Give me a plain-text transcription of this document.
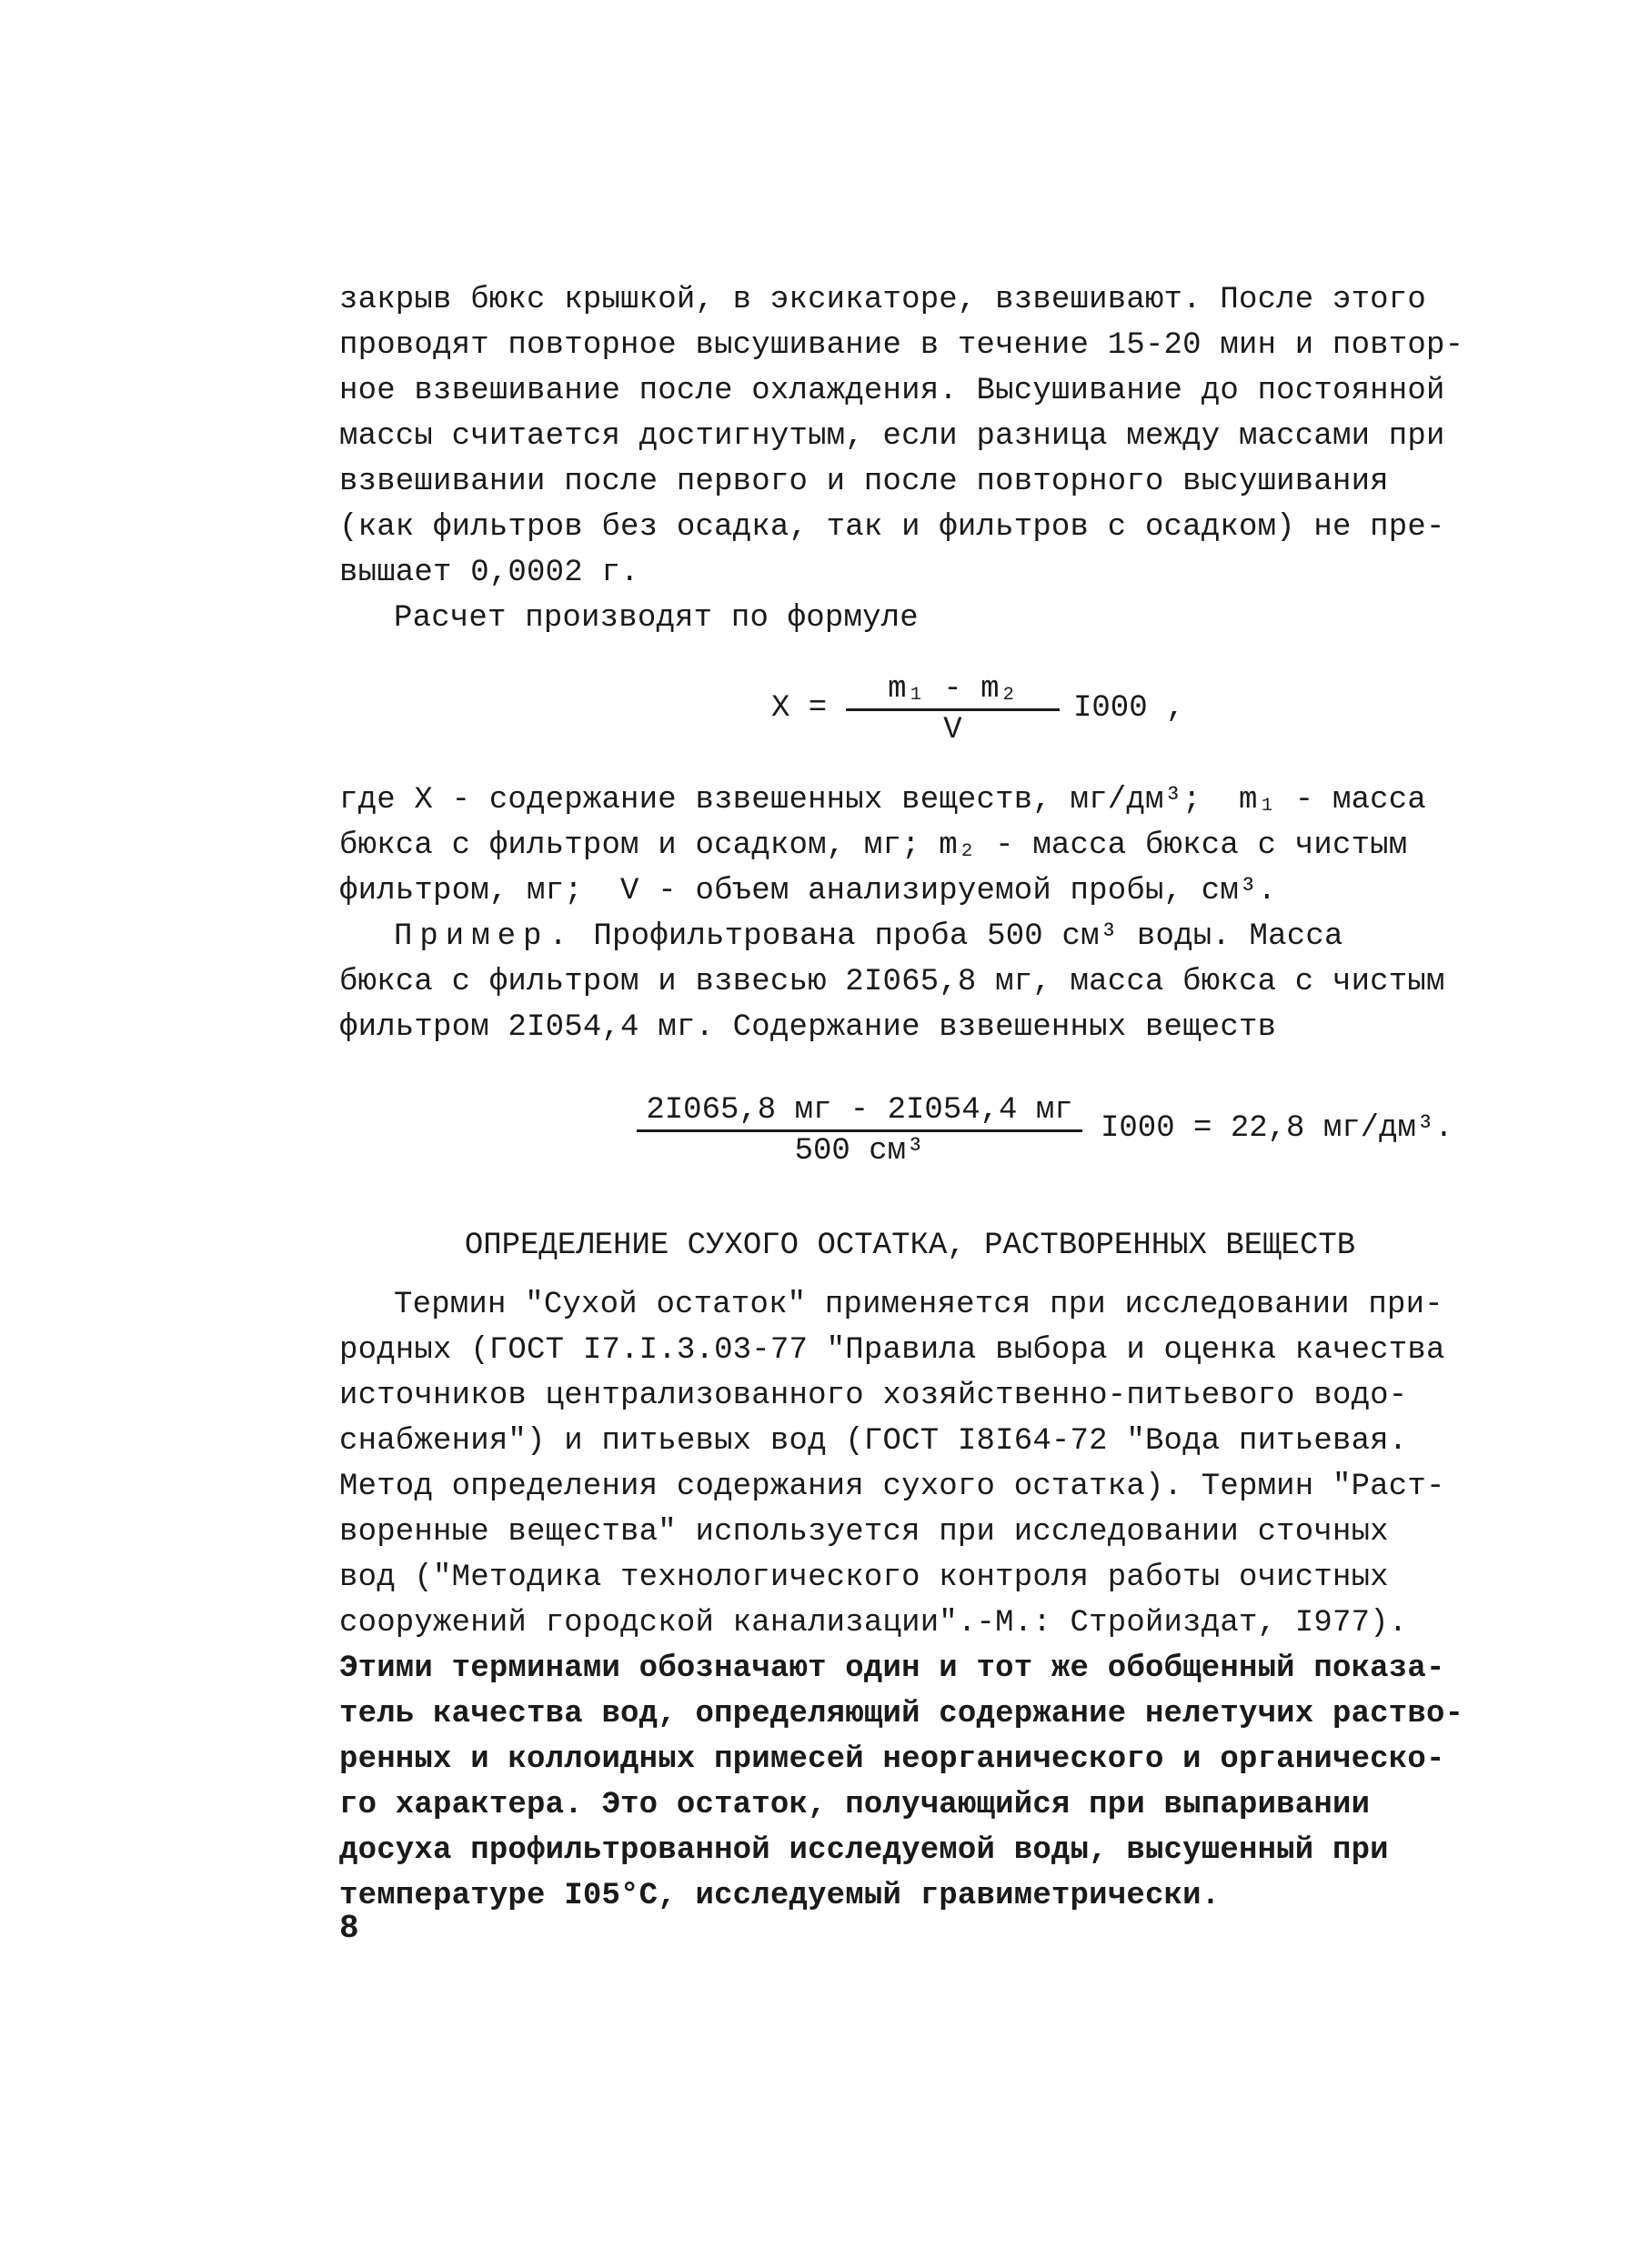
закрыв бюкс крышкой, в эксикаторе, взвешивают. После этого
проводят повторное высушивание в течение 15-20 мин и повтор-
ное взвешивание после охлаждения. Высушивание до постоянной
массы считается достигнутым, если разница между массами при
взвешивании после первого и после повторного высушивания
(как фильтров без осадка, так и фильтров с осадком) не пре-
вышает 0,0002 г.
Расчет производят по формуле
X =
m₁ - m₂
V
I000 ,
где X - содержание взвешенных веществ, мг/дм³;  m₁ - масса
бюкса с фильтром и осадком, мг; m₂ - масса бюкса с чистым
фильтром, мг;  V - объем анализируемой пробы, см³.
Пример. Профильтрована проба 500 см³ воды. Масса
бюкса с фильтром и взвесью 2I065,8 мг, масса бюкса с чистым
фильтром 2I054,4 мг. Содержание взвешенных веществ
2I065,8 мг - 2I054,4 мг
500 см³
I000 = 22,8 мг/дм³.
ОПРЕДЕЛЕНИЕ СУХОГО ОСТАТКА, РАСТВОРЕННЫХ ВЕЩЕСТВ
Термин "Сухой остаток" применяется при исследовании при-
родных (ГОСТ I7.I.3.03-77 "Правила выбора и оценка качества
источников централизованного хозяйственно-питьевого водо-
снабжения") и питьевых вод (ГОСТ I8I64-72 "Вода питьевая.
Метод определения содержания сухого остатка). Термин "Раст-
воренные вещества" используется при исследовании сточных
вод ("Методика технологического контроля работы очистных
сооружений городской канализации".-М.: Стройиздат, I977).
Этими терминами обозначают один и тот же обобщенный показа-
тель качества вод, определяющий содержание нелетучих раство-
ренных и коллоидных примесей неорганического и органическо-
го характера. Это остаток, получающийся при выпаривании
досуха профильтрованной исследуемой воды, высушенный при
температуре I05°C, исследуемый гравиметрически.
8
